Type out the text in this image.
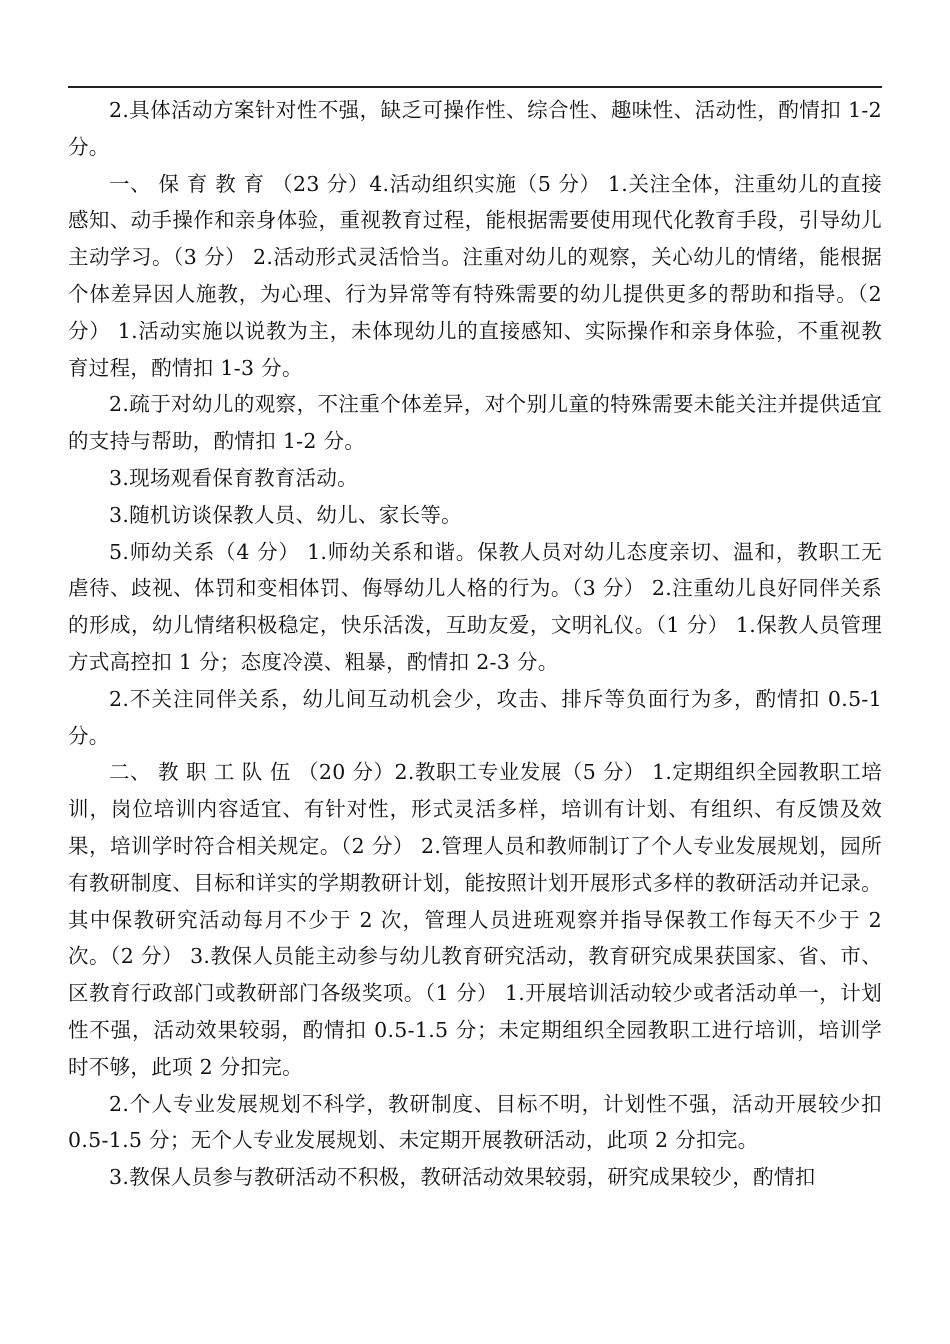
2.具体活动方案针对性不强，缺乏可操作性、综合性、趣味性、活动性，酌情扣 1-2 分。

一、 保 育 教 育 （23 分）4.活动组织实施（5 分） 1.关注全体，注重幼儿的直接感知、动手操作和亲身体验，重视教育过程，能根据需要使用现代化教育手段，引导幼儿主动学习。（3 分） 2.活动形式灵活恰当。注重对幼儿的观察，关心幼儿的情绪，能根据个体差异因人施教，为心理、行为异常等有特殊需要的幼儿提供更多的帮助和指导。（2 分） 1.活动实施以说教为主，未体现幼儿的直接感知、实际操作和亲身体验，不重视教育过程，酌情扣 1-3 分。

2.疏于对幼儿的观察，不注重个体差异，对个别儿童的特殊需要未能关注并提供适宜的支持与帮助，酌情扣 1-2 分。

3.现场观看保育教育活动。

3.随机访谈保教人员、幼儿、家长等。

5.师幼关系（4 分） 1.师幼关系和谐。保教人员对幼儿态度亲切、温和，教职工无虐待、歧视、体罚和变相体罚、侮辱幼儿人格的行为。（3 分） 2.注重幼儿良好同伴关系的形成，幼儿情绪积极稳定，快乐活泼，互助友爱，文明礼仪。（1 分） 1.保教人员管理方式高控扣 1 分；态度冷漠、粗暴，酌情扣 2-3 分。

2.不关注同伴关系，幼儿间互动机会少，攻击、排斥等负面行为多，酌情扣 0.5-1 分。

二、 教 职 工 队 伍 （20 分）2.教职工专业发展（5 分） 1.定期组织全园教职工培训，岗位培训内容适宜、有针对性，形式灵活多样，培训有计划、有组织、有反馈及效果，培训学时符合相关规定。（2 分） 2.管理人员和教师制订了个人专业发展规划，园所有教研制度、目标和详实的学期教研计划，能按照计划开展形式多样的教研活动并记录。其中保教研究活动每月不少于 2 次，管理人员进班观察并指导保教工作每天不少于 2 次。（2 分） 3.教保人员能主动参与幼儿教育研究活动，教育研究成果获国家、省、市、区教育行政部门或教研部门各级奖项。（1 分） 1.开展培训活动较少或者活动单一，计划性不强，活动效果较弱，酌情扣 0.5-1.5 分；未定期组织全园教职工进行培训，培训学时不够，此项 2 分扣完。

2.个人专业发展规划不科学，教研制度、目标不明，计划性不强，活动开展较少扣 0.5-1.5 分；无个人专业发展规划、未定期开展教研活动，此项 2 分扣完。

3.教保人员参与教研活动不积极，教研活动效果较弱，研究成果较少，酌情扣
